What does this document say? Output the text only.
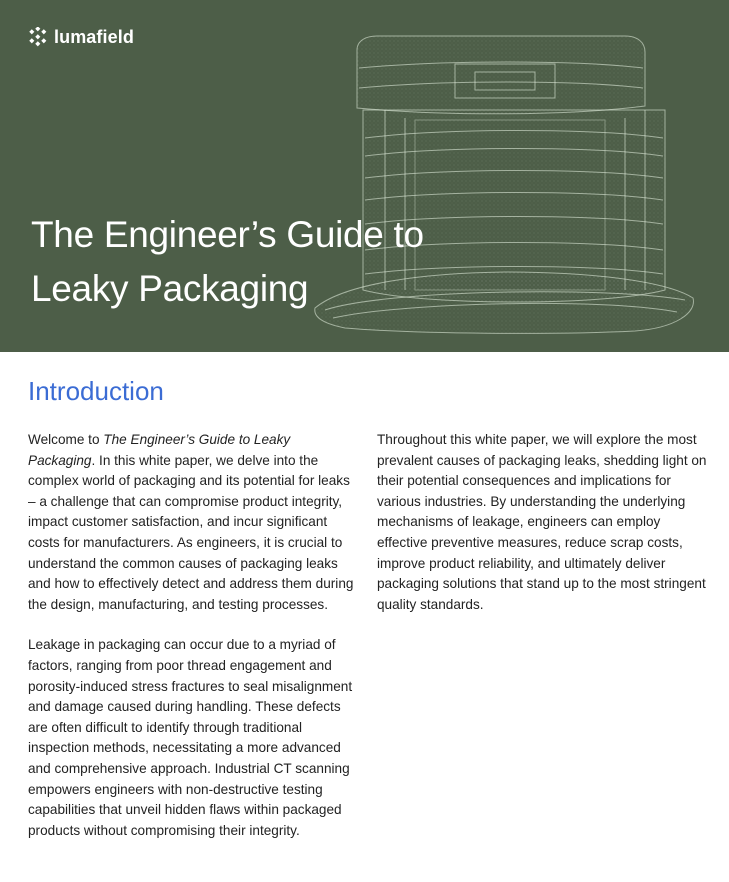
lumafield
The Engineer’s Guide to
Leaky Packaging
Introduction

Welcome to The Engineer’s Guide to Leaky Packaging. In this white paper, we delve into the complex world of packaging and its potential for leaks – a challenge that can compromise product integrity, impact customer satisfaction, and incur significant costs for manufacturers. As engineers, it is crucial to understand the common causes of packaging leaks and how to effectively detect and address them during the design, manufacturing, and testing processes.

Leakage in packaging can occur due to a myriad of factors, ranging from poor thread engagement and porosity-induced stress fractures to seal misalignment and damage caused during handling. These defects are often difficult to identify through traditional inspection methods, necessitating a more advanced and comprehensive approach. Industrial CT scanning empowers engineers with non-destructive testing capabilities that unveil hidden flaws within packaged products without compromising their integrity.

Throughout this white paper, we will explore the most prevalent causes of packaging leaks, shedding light on their potential consequences and implications for various industries. By understanding the underlying mechanisms of leakage, engineers can employ effective preventive measures, reduce scrap costs, improve product reliability, and ultimately deliver packaging solutions that stand up to the most stringent quality standards.
